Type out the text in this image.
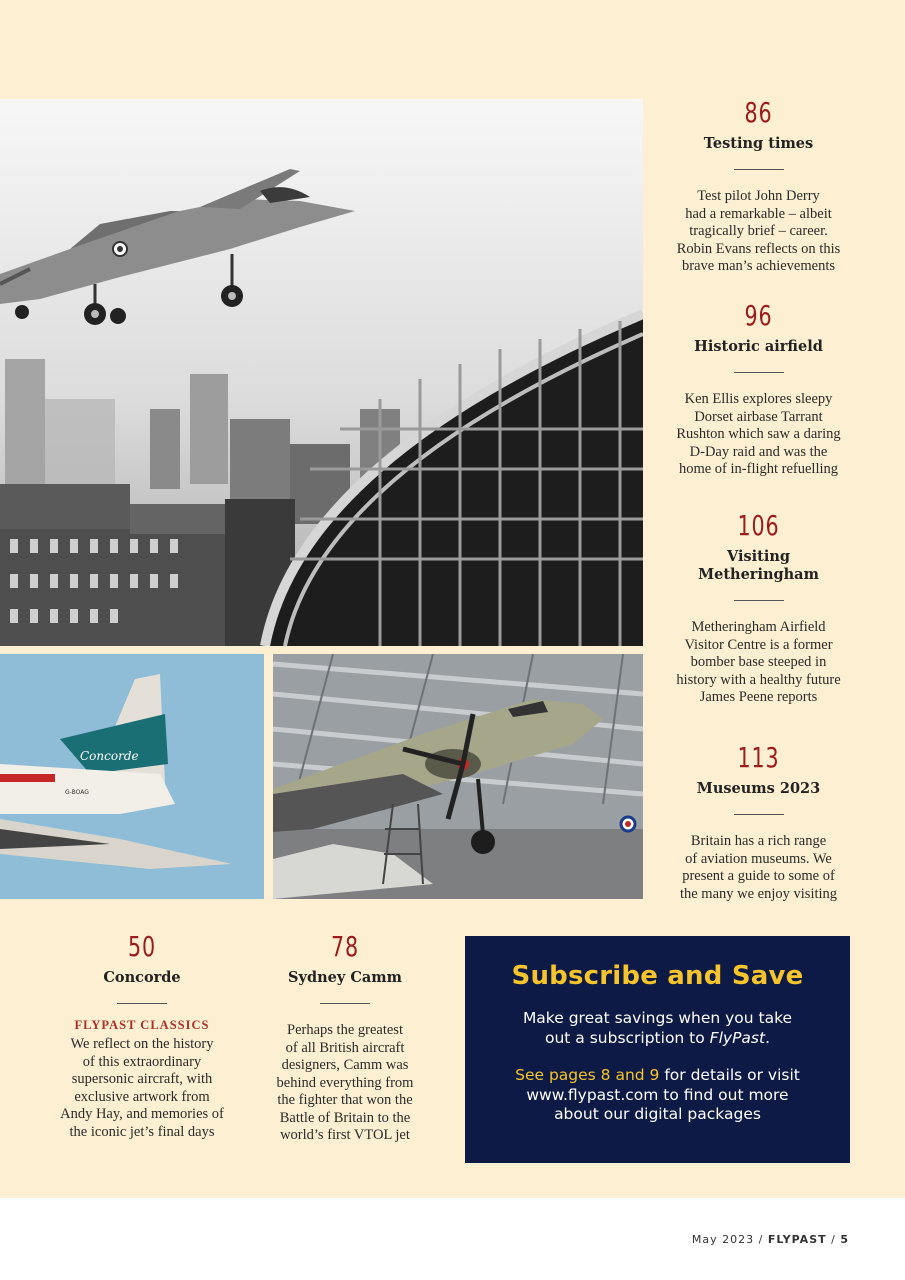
Concorde
G-BOAG
86
Testing times
Test pilot John Derry
had a remarkable – albeit
tragically brief – career.
Robin Evans reflects on this
brave man’s achievements
96
Historic airfield
Ken Ellis explores sleepy
Dorset airbase Tarrant
Rushton which saw a daring
D-Day raid and was the
home of in-flight refuelling
106
Visiting
Metheringham
Metheringham Airfield
Visitor Centre is a former
bomber base steeped in
history with a healthy future
James Peene reports
113
Museums 2023
Britain has a rich range
of aviation museums. We
present a guide to some of
the many we enjoy visiting
50
Concorde
FLYPAST CLASSICS
We reflect on the history
of this extraordinary
supersonic aircraft, with
exclusive artwork from
Andy Hay, and memories of
the iconic jet’s final days
78
Sydney Camm
Perhaps the greatest
of all British aircraft
designers, Camm was
behind everything from
the fighter that won the
Battle of Britain to the
world’s first VTOL jet
Subscribe and Save
Make great savings when you take
out a subscription to FlyPast.
See pages 8 and 9 for details or visit
www.flypast.com to find out more
about our digital packages
May 2023 / FLYPAST / 5
